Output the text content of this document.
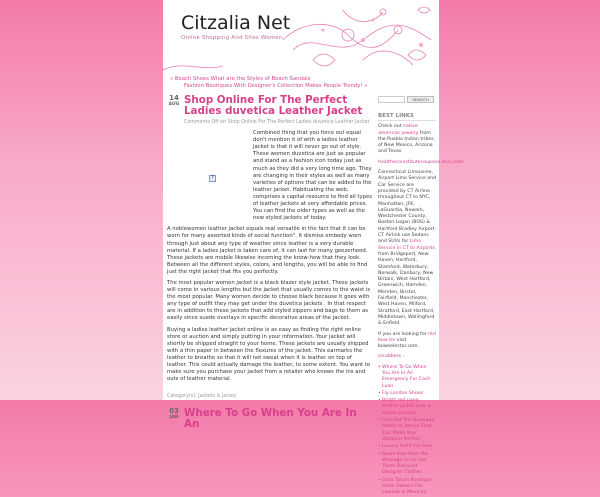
Citzalia Net
Online Shopping And Sites Women
« Beach Shoes What are the Styles of Beach Sandals
Fashion Boutiques With Designer's Collection Makes People Trendy! »
14
AUG Shop Online For The Perfect Ladies duvetica Leather Jacket
Comments Off on Shop Online For The Perfect Ladies duvetica Leather Jacket
?

Combined thing that you force out equal don't mention it of with a ladies leather jacket is that it will never go out of style. These women duvetica are just as popular and stand as a fashion icon today just as much as they did a very long time ago. They are changing in their styles as well as many varieties of options that can be added to the leather jacket. Habituating the web, comprises a capital resource to find all types of leather jackets at very affordable prices. You can find the older types as well as the new styled jackets of today.

A noblewomen leather jacket equals real versatile in the fact that it can be worn for many assorted kinds of social function". It dismiss embody worn through just about any type of weather since leather is a very durable material. If a ladies jacket is taken care of, it can last for many geezerhood. These jackets are mobile likewise incoming the know-how that they look. Between all the different styles, colors, and lengths, you will be able to find just the right jacket that fits you perfectly.

The most popular women jacket is a black blazer style jacket. These jackets will come in various lengths but the jacket that usually comes to the waist is the most popular. Many women decide to choose black because it goes with any type of outfit they may get under the duvetica jackets . In that respect are in addition to these jackets that add styled zippers and bags to them as easily since suede overlays in specific decorative areas of the jacket.

Buying a ladies leather jacket online is as easy as finding the right online store or auction and simply putting in your information. Your jacket will shortly be shipped straight to your home. These jackets are usually shipped with a thin paper in between the flexures of the jacket. This earmarks the leather to breathe so that it will not sweat when it is leather on top of leather. This could actually damage the leather, to some extent. You want to make sure you purchase your jacket from a retailer who knows the ins and outs of leather material.

Category(s): Jackets & Jersey
03
JAN Where To Go When You Are In An
SEARCH
BEST LINKS
Check out native american jewelry from the Pueblo Indian tribes of New Mexico, Arizona and Texas
healthecoinstitutecoupons.mvu.com
Connecticut Limousine, Airport Limo Service and Car Service are provided by CT Airline throughout CT to NYC, Manhattan, JFK, LaGuardia, Newark, Westchester County, Boston Logan (BOS) & Hartford Bradley Airport. CT Airlink use Sedans and SUVs for Limo Service in CT to Airports from Bridgeport, New Haven, Hartford, Stamford, Waterbury, Norwalk, Danbury, New Britain, West Hartford, Greenwich, Hamden, Meriden, Bristol, Fairfield, Manchester, West Haven, Milford, Stratford, East Hartford, Middletown, Wallingford & Enfield.
If you are looking for ntd bow tie visit bowselector.com.
scrubbers -
• Where To Go When You Are In An Emergency For Cash Loan
• Fly London Shoes
• Bright red pave leather jacket over a winter passion
• Find Out The Boutique Hotels In Venice That Can Make Your Vacation Perfect
• Luxury Yacht For Sale
• Spare Kids from the Wineage Crisis Get Them Discount Designer Clothes
• Ochs Tulum Boutique Hotel Owners File Lawsuit in Mexican
